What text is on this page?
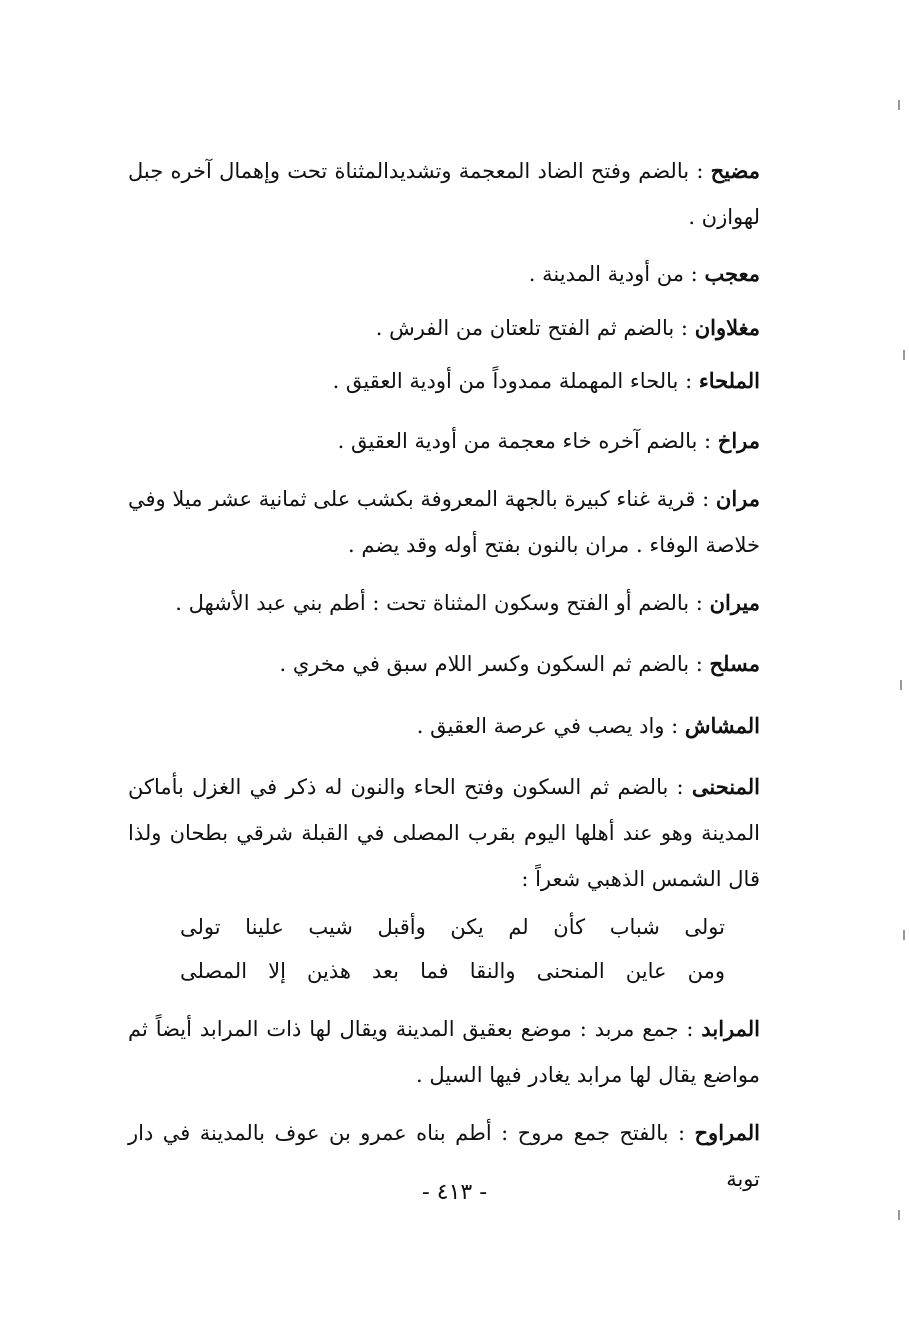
مضيح : بالضم وفتح الضاد المعجمة وتشديدالمثناة تحت وإهمال آخره جبل لهوازن .
معجب : من أودية المدينة .
مغلاوان : بالضم ثم الفتح تلعتان من الفرش .
الملحاء : بالحاء المهملة ممدوداً من أودية العقيق .
مراخ : بالضم آخره خاء معجمة من أودية العقيق .
مران : قرية غناء كبيرة بالجهة المعروفة بكشب على ثمانية عشر ميلا وفي خلاصة الوفاء . مران بالنون بفتح أوله وقد يضم .
ميران : بالضم أو الفتح وسكون المثناة تحت : أطم بني عبد الأشهل .
مسلح : بالضم ثم السكون وكسر اللام سبق في مخري .
المشاش : واد يصب في عرصة العقيق .
المنحنى : بالضم ثم السكون وفتح الحاء والنون له ذكر في الغزل بأماكن المدينة وهو عند أهلها اليوم بقرب المصلى في القبلة شرقي بطحان ولذا قال الشمس الذهبي شعراً :
المرابد : جمع مربد : موضع بعقيق المدينة ويقال لها ذات المرابد أيضاً ثم مواضع يقال لها مرابد يغادر فيها السيل .
المراوح : بالفتح جمع مروح : أطم بناه عمرو بن عوف بالمدينة في دار توبة
تولى شباب كأن لم يكن وأقبل شيب علينا تولى
ومن عاين المنحنى والنقا فما بعد هذين إلا المصلى
- ٤١٣ -
